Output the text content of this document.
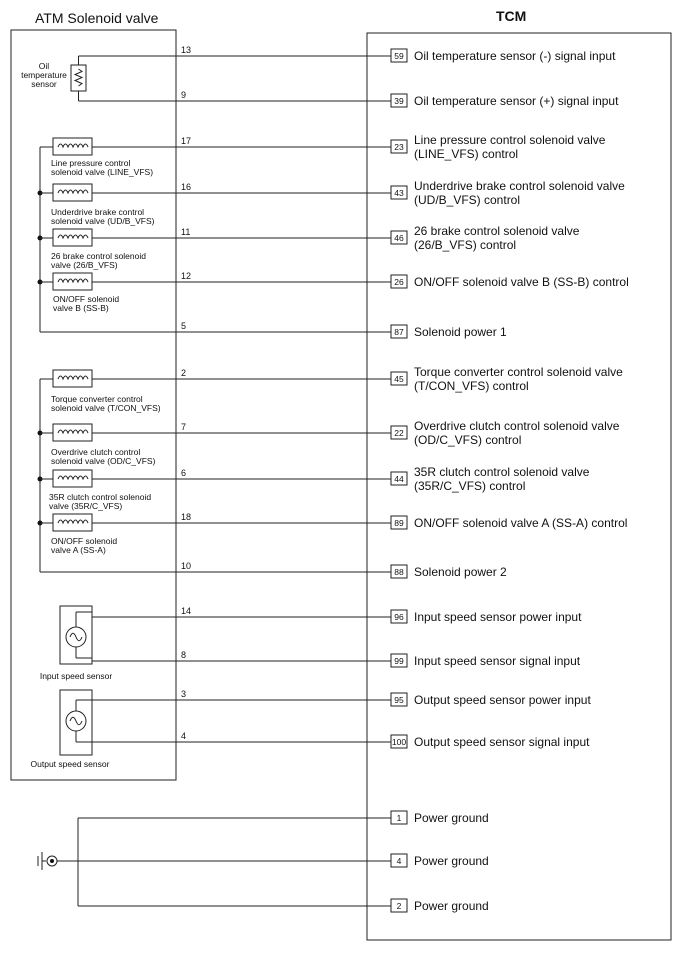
ATM Solenoid valve	TCM
Oil
temperature
sensor
Line pressure control
solenoid valve (LINE_VFS)
Underdrive brake control
solenoid valve (UD/B_VFS)
26 brake control solenoid
valve (26/B_VFS)
ON/OFF solenoid
valve B (SS-B)
Torque converter control
solenoid valve (T/CON_VFS)
Overdrive clutch control
solenoid valve (OD/C_VFS)
35R clutch control solenoid
valve (35R/C_VFS)
ON/OFF solenoid
valve A (SS-A)
Input speed sensor
Output speed sensor
13
59 Oil temperature sensor (-) signal input
9
39 Oil temperature sensor (+) signal input
17
23 Line pressure control solenoid valve
(LINE_VFS) control
16
43 Underdrive brake control solenoid valve
(UD/B_VFS) control
11
46 26 brake control solenoid valve
(26/B_VFS) control
12
26 ON/OFF solenoid valve B (SS-B) control
5
87 Solenoid power 1
2
45 Torque converter control solenoid valve
(T/CON_VFS) control
7
22 Overdrive clutch control solenoid valve
(OD/C_VFS) control
6
44 35R clutch control solenoid valve
(35R/C_VFS) control
18
89 ON/OFF solenoid valve A (SS-A) control
10
88 Solenoid power 2
14
96 Input speed sensor power input
8
99 Input speed sensor signal input
3
95 Output speed sensor power input
4
100 Output speed sensor signal input
1 Power ground
4 Power ground
2 Power ground
